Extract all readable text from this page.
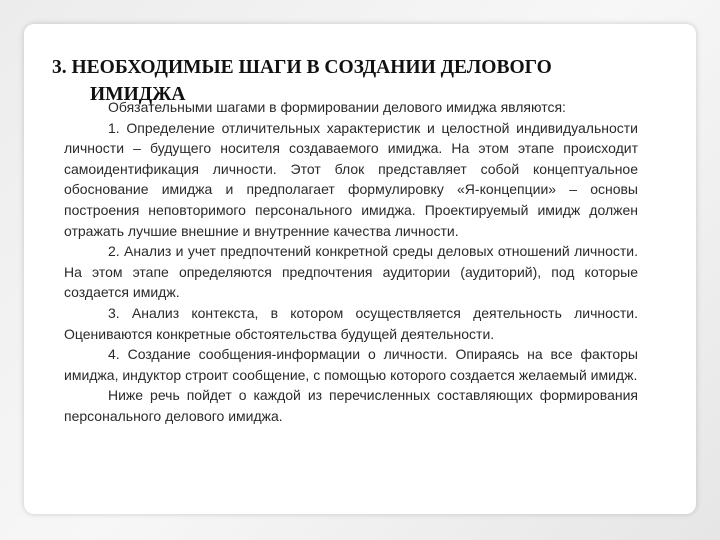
3. НЕОБХОДИМЫЕ ШАГИ В СОЗДАНИИ ДЕЛОВОГО
ИМИДЖА

Обязательными шагами в формировании делового имиджа являются:

1. Определение отличительных характеристик и целостной индивидуальности личности – будущего носителя создаваемого имиджа. На этом этапе происходит самоидентификация личности. Этот блок представляет собой концептуальное обоснование имиджа и предполагает формулировку «Я-концепции» – основы построения неповторимого персонального имиджа. Проектируемый имидж должен отражать лучшие внешние и внутренние качества личности.

2. Анализ и учет предпочтений конкретной среды деловых отношений личности. На этом этапе определяются предпочтения аудитории (аудиторий), под которые создается имидж.

3. Анализ контекста, в котором осуществляется деятельность личности. Оцениваются конкретные обстоятельства будущей деятельности.

4. Создание сообщения-информации о личности. Опираясь на все факторы имиджа, индуктор строит сообщение, с помощью которого создается желаемый имидж.

Ниже речь пойдет о каждой из перечисленных составляющих формирования персонального делового имиджа.
